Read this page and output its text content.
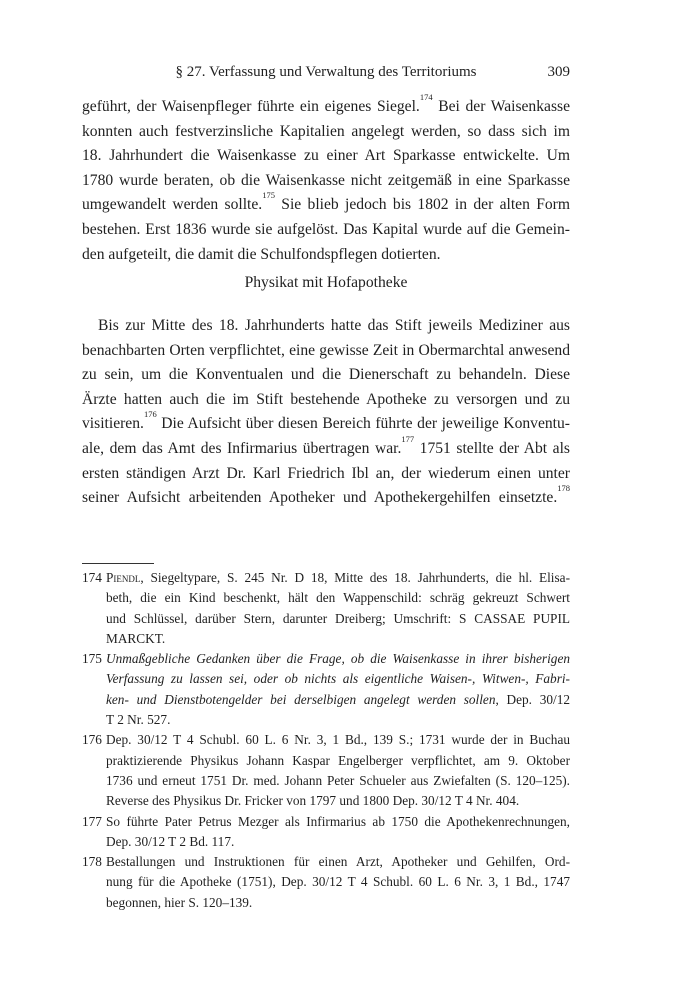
§ 27. Verfassung und Verwaltung des Territoriums	309
geführt, der Waisenpfleger führte ein eigenes Siegel.$^{174}$ Bei der Waisenkasse
konnten auch festverzinsliche Kapitalien angelegt werden, so dass sich im
18. Jahrhundert die Waisenkasse zu einer Art Sparkasse entwickelte. Um
1780 wurde beraten, ob die Waisenkasse nicht zeitgemäß in eine Sparkasse
umgewandelt werden sollte.$^{175}$ Sie blieb jedoch bis 1802 in der alten Form
bestehen. Erst 1836 wurde sie aufgelöst. Das Kapital wurde auf die Gemein-
den aufgeteilt, die damit die Schulfondspflegen dotierten.
Physikat mit Hofapotheke
Bis zur Mitte des 18. Jahrhunderts hatte das Stift jeweils Mediziner aus
benachbarten Orten verpflichtet, eine gewisse Zeit in Obermarchtal anwesend
zu sein, um die Konventualen und die Dienerschaft zu behandeln. Diese
Ärzte hatten auch die im Stift bestehende Apotheke zu versorgen und zu
visitieren.$^{176}$ Die Aufsicht über diesen Bereich führte der jeweilige Konventu-
ale, dem das Amt des Infirmarius übertragen war.$^{177}$ 1751 stellte der Abt als
ersten ständigen Arzt Dr. Karl Friedrich Ibl an, der wiederum einen unter
seiner Aufsicht arbeitenden Apotheker und Apothekergehilfen einsetzte.$^{178}$
174 Piendl, Siegeltypare, S. 245 Nr. D 18, Mitte des 18. Jahrhunderts, die hl. Elisa-
beth, die ein Kind beschenkt, hält den Wappenschild: schräg gekreuzt Schwert
und Schlüssel, darüber Stern, darunter Dreiberg; Umschrift: S CASSAE PUPIL
MARCKT.
175 Unmaßgebliche Gedanken über die Frage, ob die Waisenkasse in ihrer bisherigen
Verfassung zu lassen sei, oder ob nichts als eigentliche Waisen-, Witwen-, Fabri-
ken- und Dienstbotengelder bei derselbigen angelegt werden sollen, Dep. 30/12
T 2 Nr. 527.
176 Dep. 30/12 T 4 Schubl. 60 L. 6 Nr. 3, 1 Bd., 139 S.; 1731 wurde der in Buchau
praktizierende Physikus Johann Kaspar Engelberger verpflichtet, am 9. Oktober
1736 und erneut 1751 Dr. med. Johann Peter Schueler aus Zwiefalten (S. 120–125).
Reverse des Physikus Dr. Fricker von 1797 und 1800 Dep. 30/12 T 4 Nr. 404.
177 So führte Pater Petrus Mezger als Infirmarius ab 1750 die Apothekenrechnungen,
Dep. 30/12 T 2 Bd. 117.
178 Bestallungen und Instruktionen für einen Arzt, Apotheker und Gehilfen, Ord-
nung für die Apotheke (1751), Dep. 30/12 T 4 Schubl. 60 L. 6 Nr. 3, 1 Bd., 1747
begonnen, hier S. 120–139.
